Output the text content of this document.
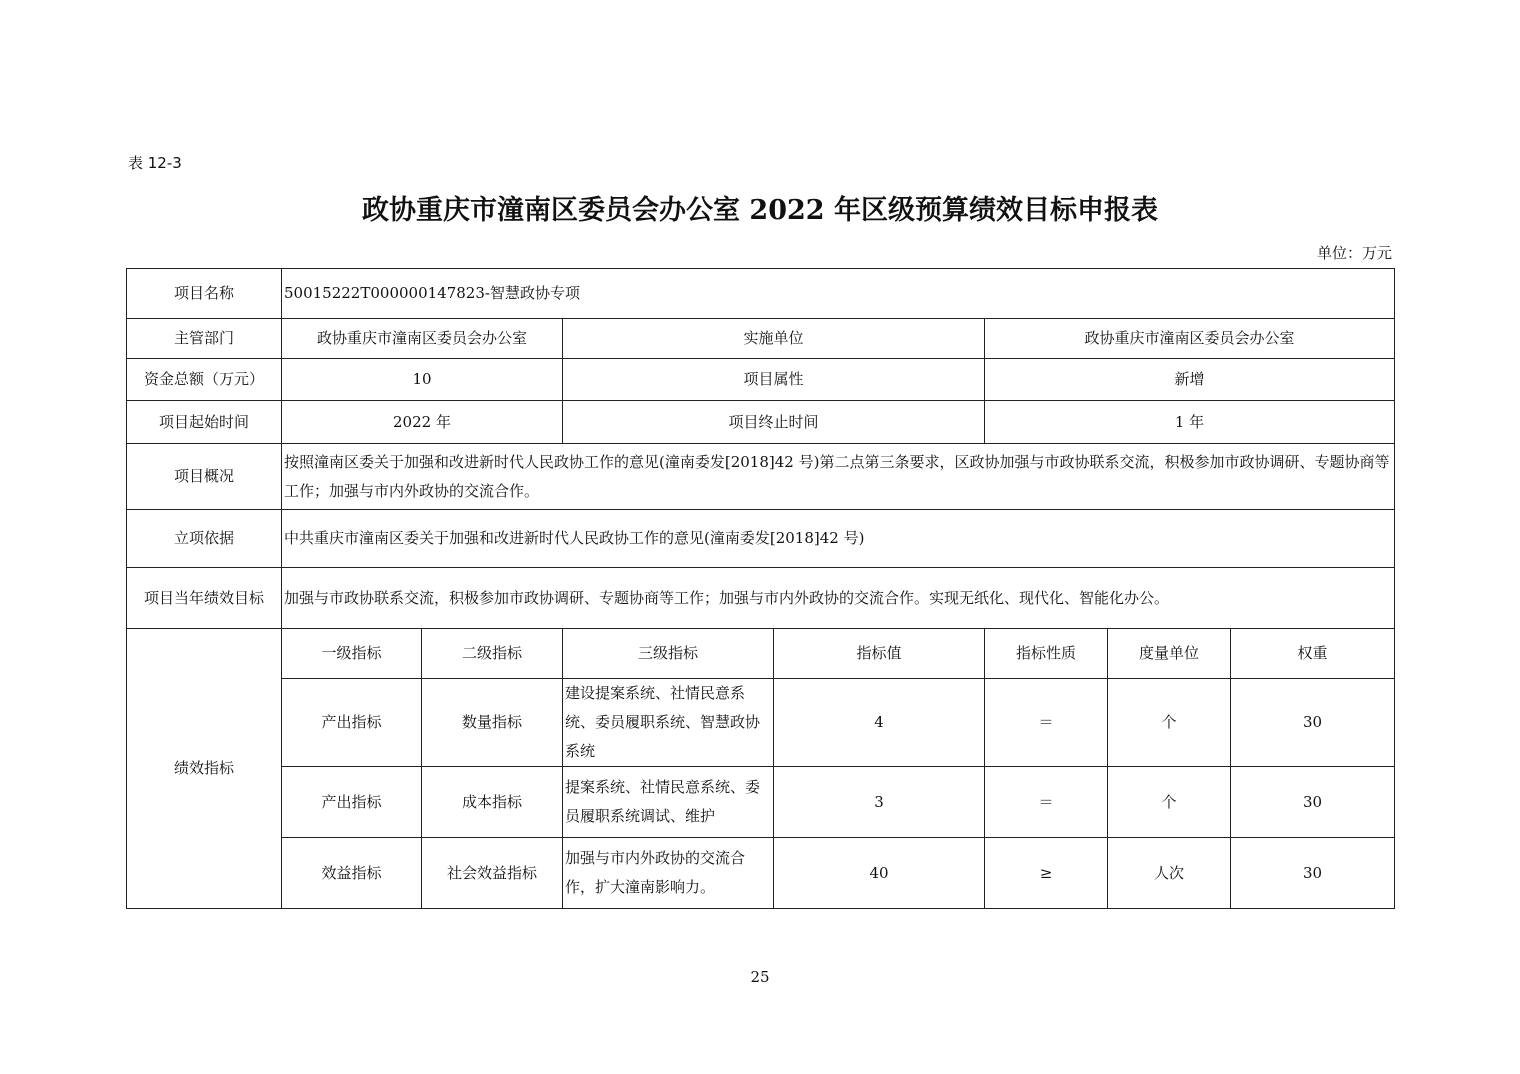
表 12-3
政协重庆市潼南区委员会办公室 2022 年区级预算绩效目标申报表
单位：万元
项目名称	50015222T000000147823-智慧政协专项						
主管部门	政协重庆市潼南区委员会办公室		实施单位		政协重庆市潼南区委员会办公室		
资金总额（万元）	10		项目属性		新增		
项目起始时间	2022 年		项目终止时间		1 年		
项目概况	按照潼南区委关于加强和改进新时代人民政协工作的意见(潼南委发[2018]42 号)第二点第三条要求，区政协加强与市政协联系交流，积极参加市政协调研、专题协商等工作；加强与市内外政协的交流合作。						
立项依据	中共重庆市潼南区委关于加强和改进新时代人民政协工作的意见(潼南委发[2018]42 号)						
项目当年绩效目标	加强与市政协联系交流，积极参加市政协调研、专题协商等工作；加强与市内外政协的交流合作。实现无纸化、现代化、智能化办公。						
绩效指标	一级指标	二级指标	三级指标	指标值	指标性质	度量单位	权重
	产出指标	数量指标	建设提案系统、社情民意系统、委员履职系统、智慧政协系统	4	＝	个	30
	产出指标	成本指标	提案系统、社情民意系统、委员履职系统调试、维护	3	＝	个	30
	效益指标	社会效益指标	加强与市内外政协的交流合作，扩大潼南影响力。	40	≥	人次	30
25
